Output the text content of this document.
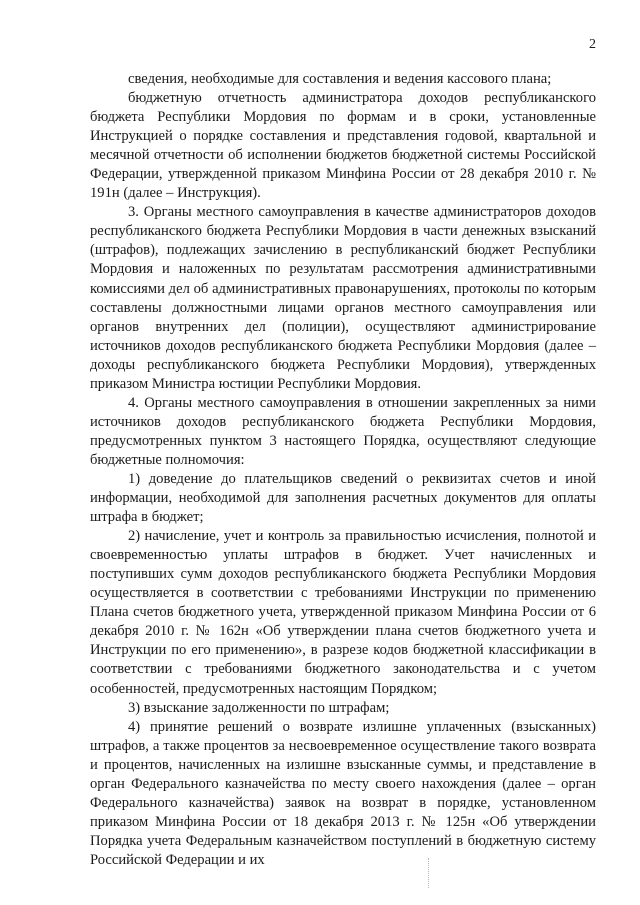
2

сведения, необходимые для составления и ведения кассового плана;

бюджетную отчетность администратора доходов республиканского бюджета Республики Мордовия по формам и в сроки, установленные Инструкцией о порядке составления и представления годовой, квартальной и месячной отчетности об исполнении бюджетов бюджетной системы Российской Федерации, утвержденной приказом Минфина России от 28 декабря 2010 г. № 191н (далее – Инструкция).

3. Органы местного самоуправления в качестве администраторов доходов республиканского бюджета Республики Мордовия в части денежных взысканий (штрафов), подлежащих зачислению в республиканский бюджет Республики Мордовия и наложенных по результатам рассмотрения административными комиссиями дел об административных правонарушениях, протоколы по которым составлены должностными лицами органов местного самоуправления или органов внутренних дел (полиции), осуществляют администрирование источников доходов республиканского бюджета Республики Мордовия (далее – доходы республиканского бюджета Республики Мордовия), утвержденных приказом Министра юстиции Республики Мордовия.

4. Органы местного самоуправления в отношении закрепленных за ними источников доходов республиканского бюджета Республики Мордовия, предусмотренных пунктом 3 настоящего Порядка, осуществляют следующие бюджетные полномочия:

1) доведение до плательщиков сведений о реквизитах счетов и иной информации, необходимой для заполнения расчетных документов для оплаты штрафа в бюджет;

2) начисление, учет и контроль за правильностью исчисления, полнотой и своевременностью уплаты штрафов в бюджет. Учет начисленных и поступивших сумм доходов республиканского бюджета Республики Мордовия осуществляется в соответствии с требованиями Инструкции по применению Плана счетов бюджетного учета, утвержденной приказом Минфина России от 6 декабря 2010 г. № 162н «Об утверждении плана счетов бюджетного учета и Инструкции по его применению», в разрезе кодов бюджетной классификации в соответствии с требованиями бюджетного законодательства и с учетом особенностей, предусмотренных настоящим Порядком;

3) взыскание задолженности по штрафам;

4) принятие решений о возврате излишне уплаченных (взысканных) штрафов, а также процентов за несвоевременное осуществление такого возврата и процентов, начисленных на излишне взысканные суммы, и представление в орган Федерального казначейства по месту своего нахождения (далее – орган Федерального казначейства) заявок на возврат в порядке, установленном приказом Минфина России от 18 декабря 2013 г. № 125н «Об утверждении Порядка учета Федеральным казначейством поступлений в бюджетную систему Российской Федерации и их
